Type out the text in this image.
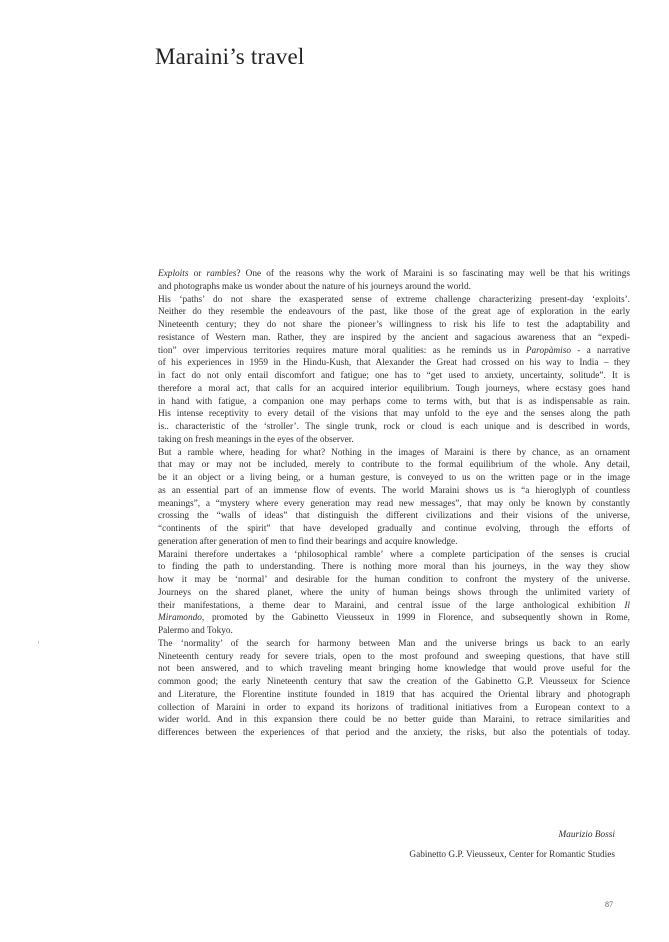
Maraini’s travel
Exploits or rambles? One of the reasons why the work of Maraini is so fascinating may well be that his writings
and photographs make us wonder about the nature of his journeys around the world.
His ‘paths’ do not share the exasperated sense of extreme challenge characterizing present-day ‘exploits’.
Neither do they resemble the endeavours of the past, like those of the great age of exploration in the early
Nineteenth century; they do not share the pioneer’s willingness to risk his life to test the adaptability and
resistance of Western man. Rather, they are inspired by the ancient and sagacious awareness that an “expedi-
tion” over impervious territories requires mature moral qualities: as he reminds us in Paropàmiso - a narrative
of his experiences in 1959 in the Hindu-Kush, that Alexander the Great had crossed on his way to India – they
in fact do not only entail discomfort and fatigue; one has to “get used to anxiety, uncertainty, solitude”. It is
therefore a moral act, that calls for an acquired interior equilibrium. Tough journeys, where ecstasy goes hand
in hand with fatigue, a companion one may perhaps come to terms with, but that is as indispensable as rain.
His intense receptivity to every detail of the visions that may unfold to the eye and the senses along the path
is.. characteristic of the ‘stroller’. The single trunk, rock or cloud is each unique and is described in words,
taking on fresh meanings in the eyes of the observer.
But a ramble where, heading for what? Nothing in the images of Maraini is there by chance, as an ornament
that may or may not be included, merely to contribute to the formal equilibrium of the whole. Any detail,
be it an object or a living being, or a human gesture, is conveyed to us on the written page or in the image
as an essential part of an immense flow of events. The world Maraini shows us is “a hieroglyph of countless
meanings”, a “mystery where every generation may read new messages”, that may only be known by constantly
crossing the “walls of ideas” that distinguish the different civilizations and their visions of the universe,
“continents of the spirit” that have developed gradually and continue evolving, through the efforts of
generation after generation of men to find their bearings and acquire knowledge.
Maraini therefore undertakes a ‘philosophical ramble’ where a complete participation of the senses is crucial
to finding the path to understanding. There is nothing more moral than his journeys, in the way they show
how it may be ‘normal’ and desirable for the human condition to confront the mystery of the universe.
Journeys on the shared planet, where the unity of human beings shows through the unlimited variety of
their manifestations, a theme dear to Maraini, and central issue of the large anthological exhibition Il
Miramondo, promoted by the Gabinetto Vieusseux in 1999 in Florence, and subsequently shown in Rome,
Palermo and Tokyo.
The ‘normality’ of the search for harmony between Man and the universe brings us back to an early
Nineteenth century ready for severe trials, open to the most profound and sweeping questions, that have still
not been answered, and to which traveling meant bringing home knowledge that would prove useful for the
common good; the early Nineteenth century that saw the creation of the Gabinetto G.P. Vieusseux for Science
and Literature, the Florentine institute founded in 1819 that has acquired the Oriental library and photograph
collection of Maraini in order to expand its horizons of traditional initiatives from a European context to a
wider world. And in this expansion there could be no better guide than Maraini, to retrace similarities and
differences between the experiences of that period and the anxiety, the risks, but also the potentials of today.
Maurizio Bossi
Gabinetto G.P. Vieusseux, Center for Romantic Studies
87
